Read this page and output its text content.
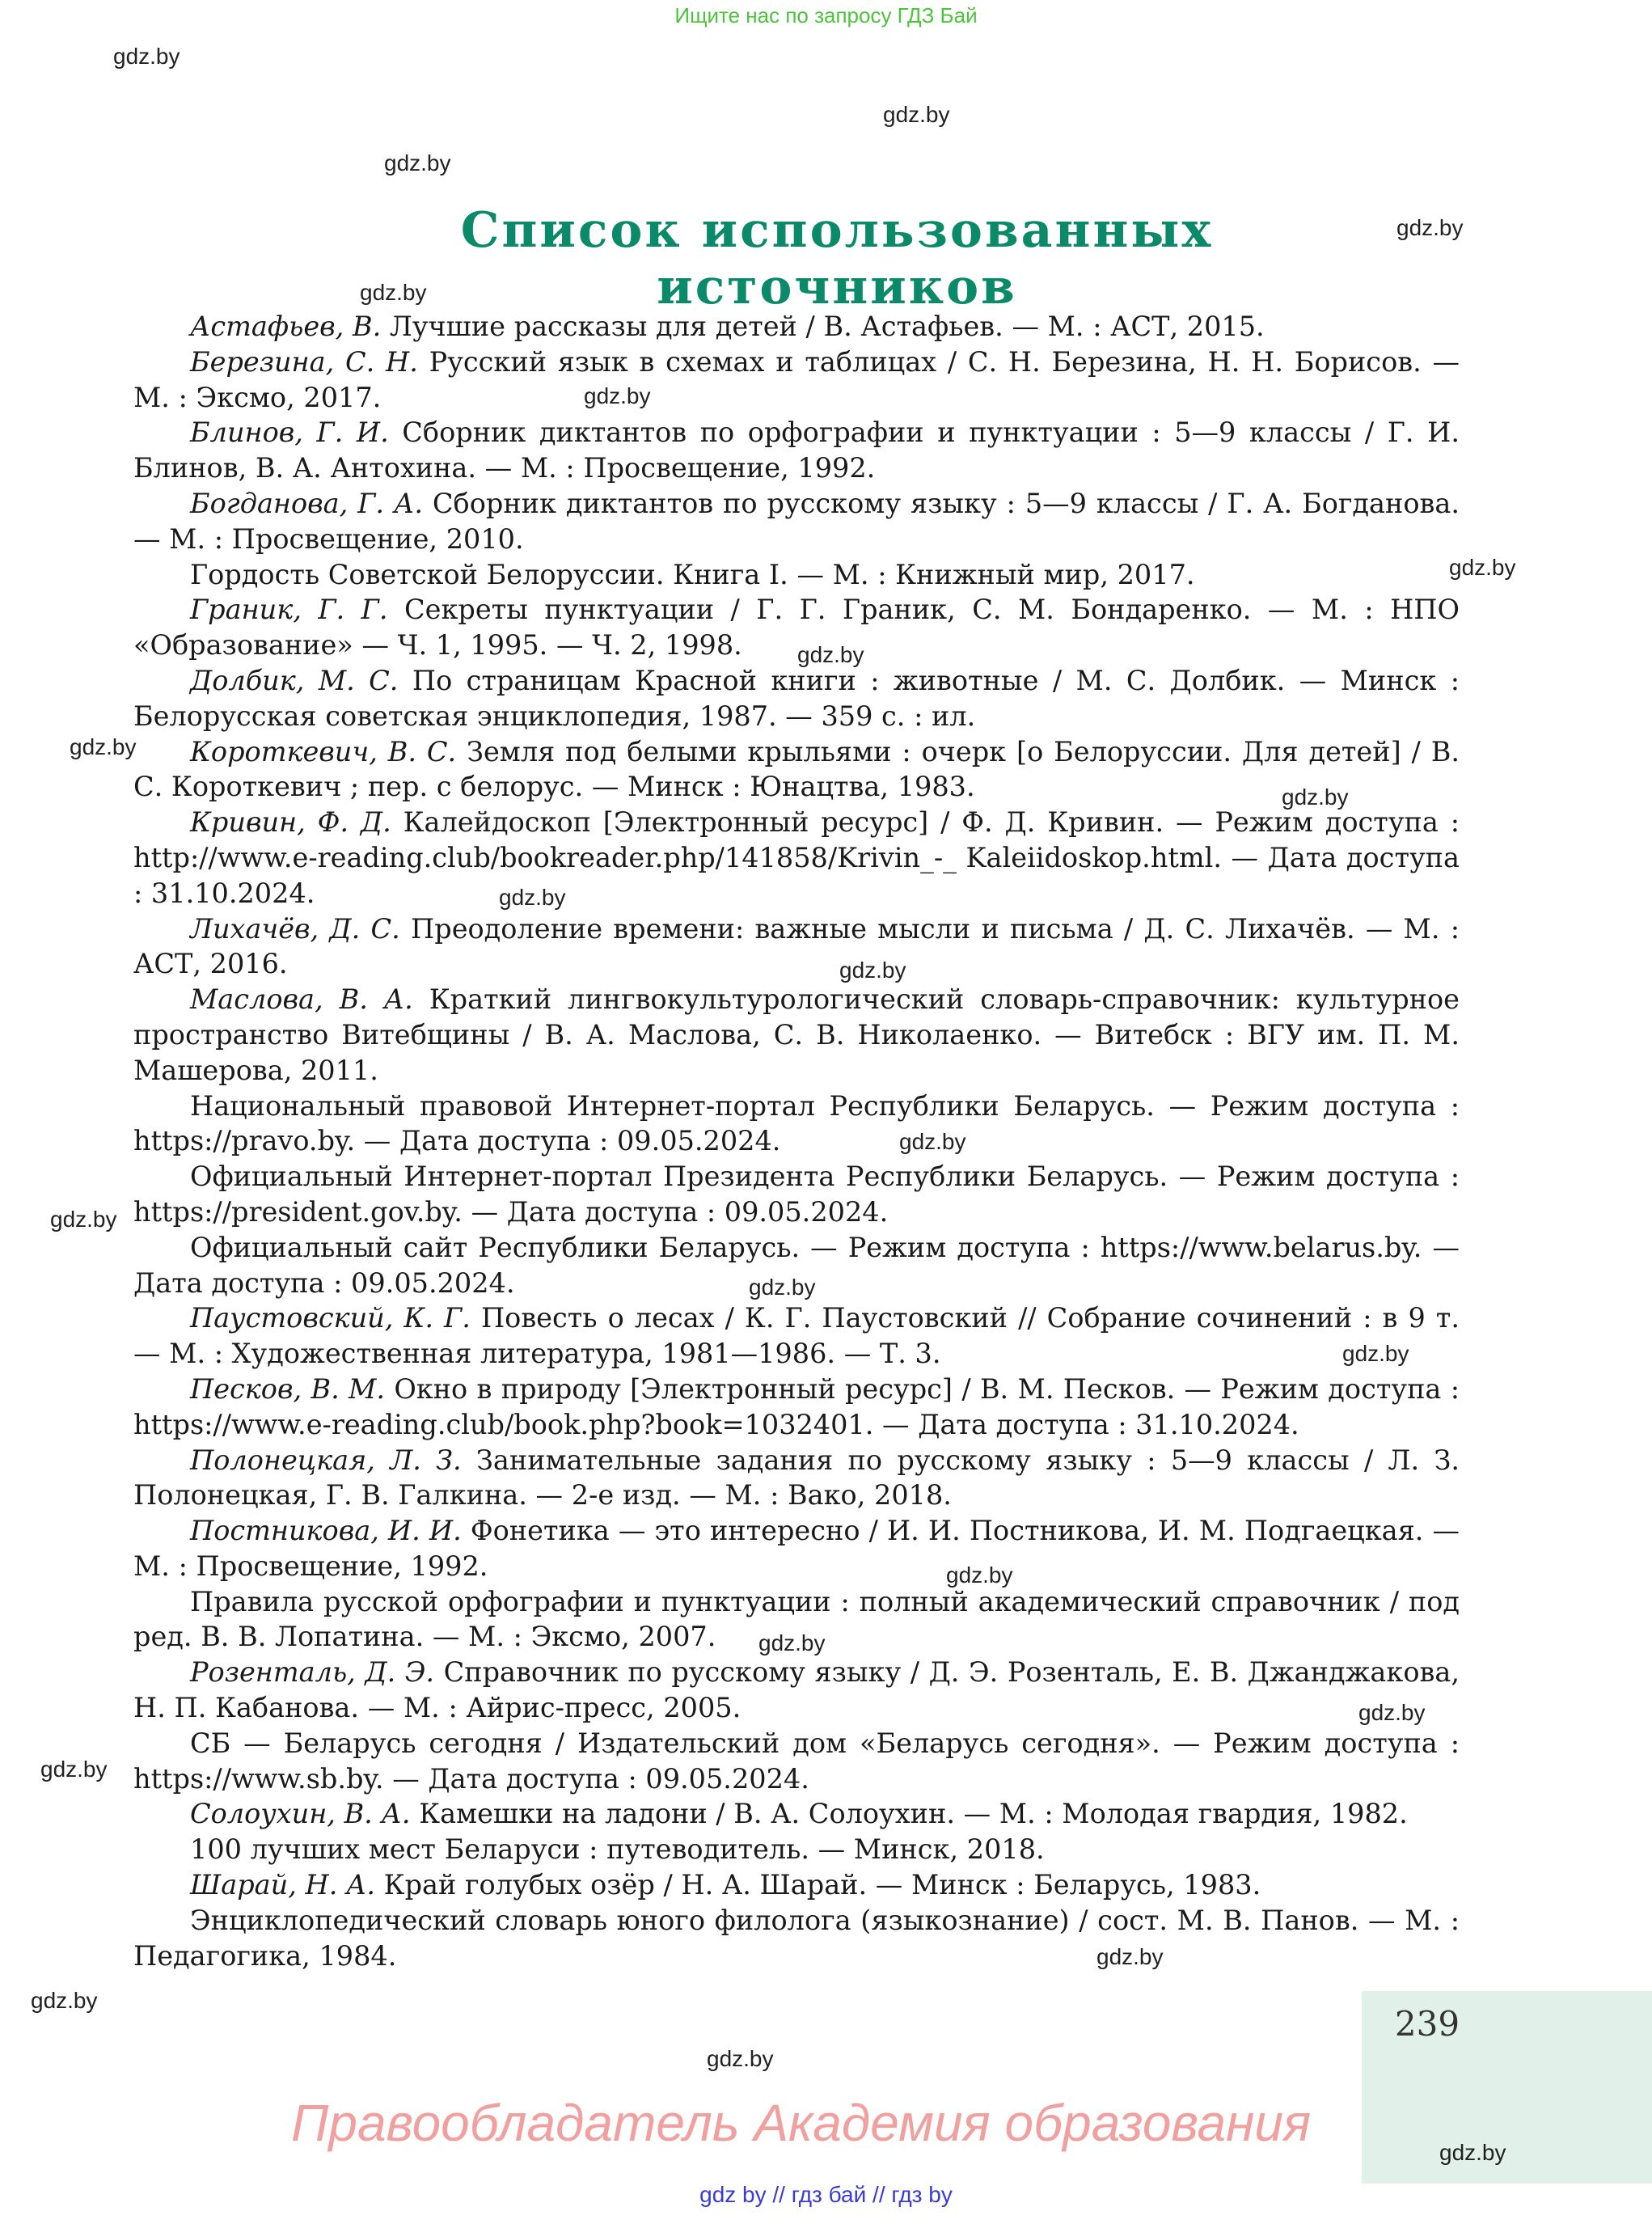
Ищите нас по запросу ГДЗ Бай
gdz.by
gdz.by
gdz.by
gdz.by
gdz.by
gdz.by
gdz.by
gdz.by
gdz.by
gdz.by
gdz.by
gdz.by
gdz.by
gdz.by
gdz.by
gdz.by
gdz.by
gdz.by
gdz.by
gdz.by
gdz.by
gdz.by
gdz.by
Список использованных источников

Астафьев, В. Лучшие рассказы для детей / В. Астафьев. — М. : АСТ, 2015.

Березина, С. Н. Русский язык в схемах и таблицах / С. Н. Березина, Н. Н. Борисов. — М. : Эксмо, 2017.

Блинов, Г. И. Сборник диктантов по орфографии и пунктуации : 5—9 классы / Г. И. Блинов, В. А. Антохина. — М. : Просвещение, 1992.

Богданова, Г. А. Сборник диктантов по русскому языку : 5—9 классы / Г. А. Богданова. — М. : Просвещение, 2010.

Гордость Советской Белоруссии. Книга I. — М. : Книжный мир, 2017.

Граник, Г. Г. Секреты пунктуации / Г. Г. Граник, С. М. Бондаренко. — М. : НПО «Образование» — Ч. 1, 1995. — Ч. 2, 1998.

Долбик, М. С. По страницам Красной книги : животные / М. С. Долбик. — Минск : Белорусская советская энциклопедия, 1987. — 359 с. : ил.

Короткевич, В. С. Земля под белыми крыльями : очерк [о Белоруссии. Для детей] / В. С. Короткевич ; пер. с белорус. — Минск : Юнацтва, 1983.

Кривин, Ф. Д. Калейдоскоп [Электронный ресурс] / Ф. Д. Кривин. — Режим доступа : http://www.e-reading.club/bookreader.php/141858/Krivin_-_ Kaleiidoskop.html. — Дата доступа : 31.10.2024.

Лихачёв, Д. С. Преодоление времени: важные мысли и письма / Д. С. Лихачёв. — М. : АСТ, 2016.

Маслова, В. А. Краткий лингвокультурологический словарь-справочник: культурное пространство Витебщины / В. А. Маслова, С. В. Николаенко. — Витебск : ВГУ им. П. М. Машерова, 2011.

Национальный правовой Интернет-портал Республики Беларусь. — Режим доступа : https://pravo.by. — Дата доступа : 09.05.2024.

Официальный Интернет-портал Президента Республики Беларусь. — Режим доступа : https://president.gov.by. — Дата доступа : 09.05.2024.

Официальный сайт Республики Беларусь. — Режим доступа : https://www.belarus.by. — Дата доступа : 09.05.2024.

Паустовский, К. Г. Повесть о лесах / К. Г. Паустовский // Собрание сочинений : в 9 т. — М. : Художественная литература, 1981—1986. — Т. 3.

Песков, В. М. Окно в природу [Электронный ресурс] / В. М. Песков. — Режим доступа : https://www.e-reading.club/book.php?book=1032401. — Дата доступа : 31.10.2024.

Полонецкая, Л. З. Занимательные задания по русскому языку : 5—9 классы / Л. З. Полонецкая, Г. В. Галкина. — 2-е изд. — М. : Вако, 2018.

Постникова, И. И. Фонетика — это интересно / И. И. Постникова, И. М. Подгаецкая. — М. : Просвещение, 1992.

Правила русской орфографии и пунктуации : полный академический справочник / под ред. В. В. Лопатина. — М. : Эксмо, 2007.

Розенталь, Д. Э. Справочник по русскому языку / Д. Э. Розенталь, Е. В. Джанджакова, Н. П. Кабанова. — М. : Айрис-пресс, 2005.

СБ — Беларусь сегодня / Издательский дом «Беларусь сегодня». — Режим доступа : https://www.sb.by. — Дата доступа : 09.05.2024.

Солоухин, В. А. Камешки на ладони / В. А. Солоухин. — М. : Молодая гвардия, 1982.

100 лучших мест Беларуси : путеводитель. — Минск, 2018.

Шарай, Н. А. Край голубых озёр / Н. А. Шарай. — Минск : Беларусь, 1983.

Энциклопедический словарь юного филолога (языкознание) / сост. М. В. Панов. — М. : Педагогика, 1984.

239
gdz.by
Правообладатель Академия образования
gdz by // гдз бай // гдз by
